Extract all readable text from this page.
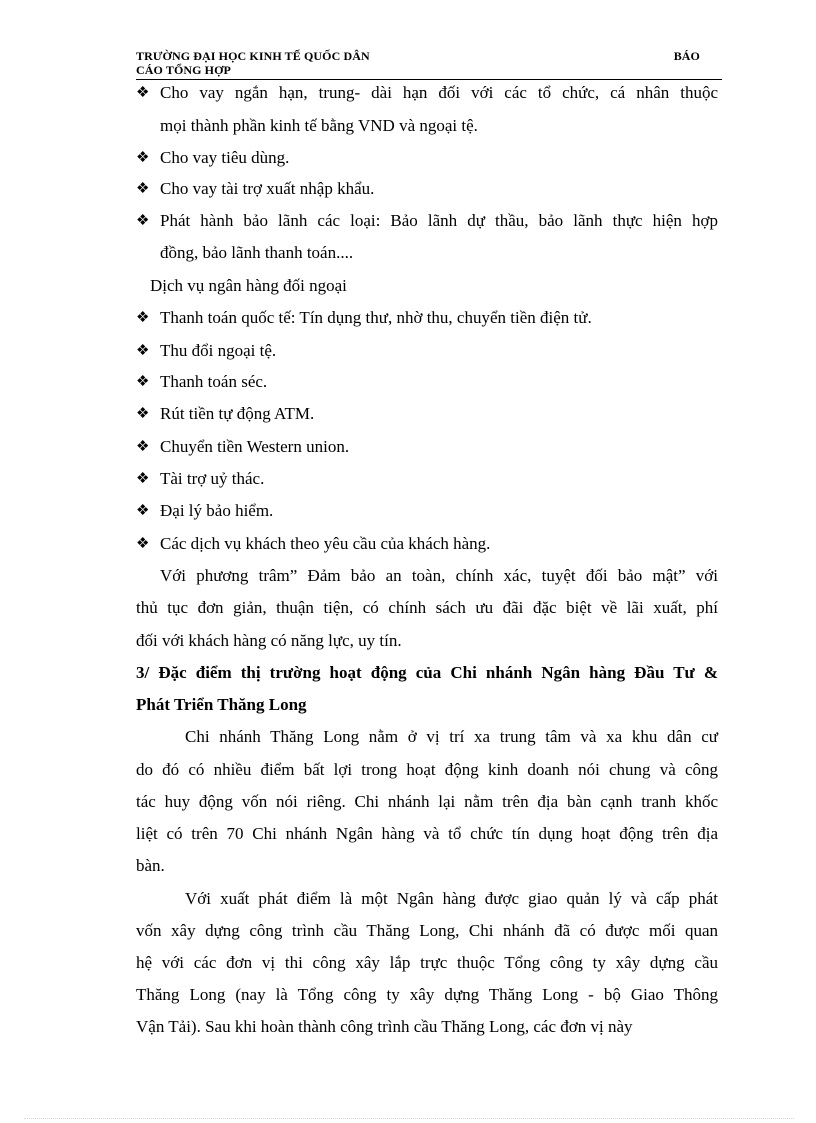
TRƯỜNG ĐẠI HỌC KINH TẾ QUỐC DÂN	BÁO
CÁO TỔNG HỢP
❖
❖
❖
❖
❖
❖
❖
❖
❖
❖
❖
❖
Cho vay ngắn hạn, trung- dài hạn đối với các tổ chức, cá nhân thuộc
mọi thành phần kinh tế bằng VND và ngoại tệ.
Cho vay tiêu dùng.
Cho vay tài trợ xuất nhập khẩu.
Phát hành bảo lãnh các loại: Bảo lãnh dự thầu, bảo lãnh thực hiện hợp
đồng, bảo lãnh thanh toán....
Dịch vụ ngân hàng đối ngoại
Thanh toán quốc tế: Tín dụng thư, nhờ thu, chuyển tiền điện tử.
Thu đổi ngoại tệ.
Thanh toán séc.
Rút tiền tự động ATM.
Chuyển tiền Western union.
Tài trợ uỷ thác.
Đại lý bảo hiểm.
Các dịch vụ khách theo yêu cầu của khách hàng.
Với phương trâm” Đảm bảo an toàn, chính xác, tuyệt đối bảo mật” với
thủ tục đơn giản, thuận tiện, có chính sách ưu đãi đặc biệt về lãi xuất, phí
đối với khách hàng có năng lực, uy tín.
3/ Đặc điểm thị trường hoạt động của Chi nhánh Ngân hàng Đầu Tư &
Phát Triển Thăng Long
Chi nhánh Thăng Long nằm ở vị trí xa trung tâm và xa khu dân cư
do đó có nhiều điểm bất lợi trong hoạt động kinh doanh nói chung và công
tác huy động vốn nói riêng. Chi nhánh lại nằm trên địa bàn cạnh tranh khốc
liệt có trên 70 Chi nhánh Ngân hàng và tổ chức tín dụng hoạt động trên địa
bàn.
Với xuất phát điểm là một Ngân hàng được giao quản lý và cấp phát
vốn xây dựng công trình cầu Thăng Long, Chi nhánh đã có được mối quan
hệ với các đơn vị thi công xây lắp trực thuộc Tổng công ty xây dựng cầu
Thăng Long (nay là Tổng công ty xây dựng Thăng Long - bộ Giao Thông
Vận Tải). Sau khi hoàn thành công trình cầu Thăng Long, các đơn vị này
